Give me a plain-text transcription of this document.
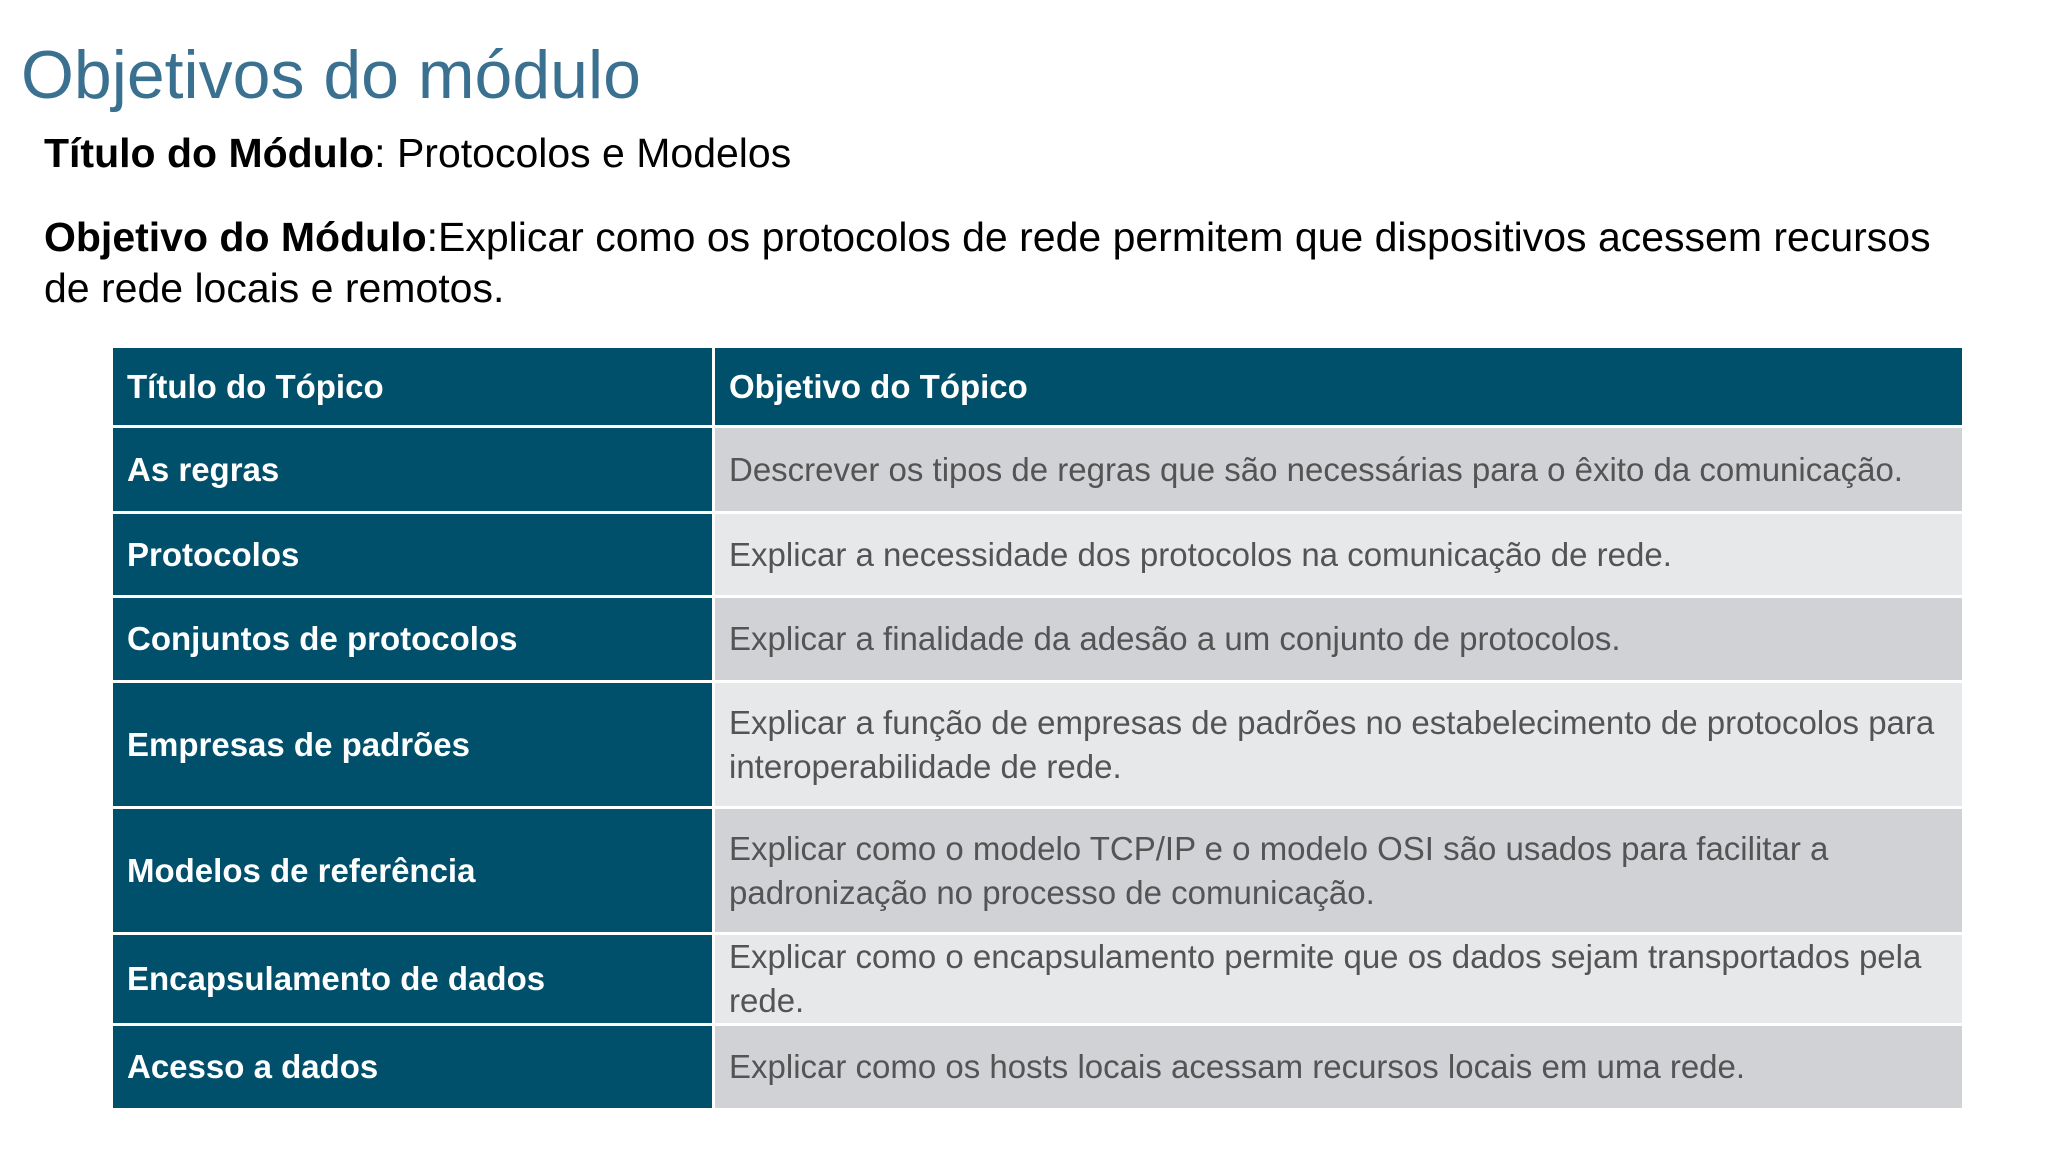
Objetivos do módulo

Título do Módulo: Protocolos e Modelos

Objetivo do Módulo:Explicar como os protocolos de rede permitem que dispositivos acessem recursos de rede locais e remotos.

Título do Tópico	Objetivo do Tópico
As regras	Descrever os tipos de regras que são necessárias para o êxito da comunicação.
Protocolos	Explicar a necessidade dos protocolos na comunicação de rede.
Conjuntos de protocolos	Explicar a finalidade da adesão a um conjunto de protocolos.
Empresas de padrões	Explicar a função de empresas de padrões no estabelecimento de protocolos para interoperabilidade de rede.
Modelos de referência	Explicar como o modelo TCP/IP e o modelo OSI são usados para facilitar a padronização no processo de comunicação.
Encapsulamento de dados	Explicar como o encapsulamento permite que os dados sejam transportados pela rede.
Acesso a dados	Explicar como os hosts locais acessam recursos locais em uma rede.
